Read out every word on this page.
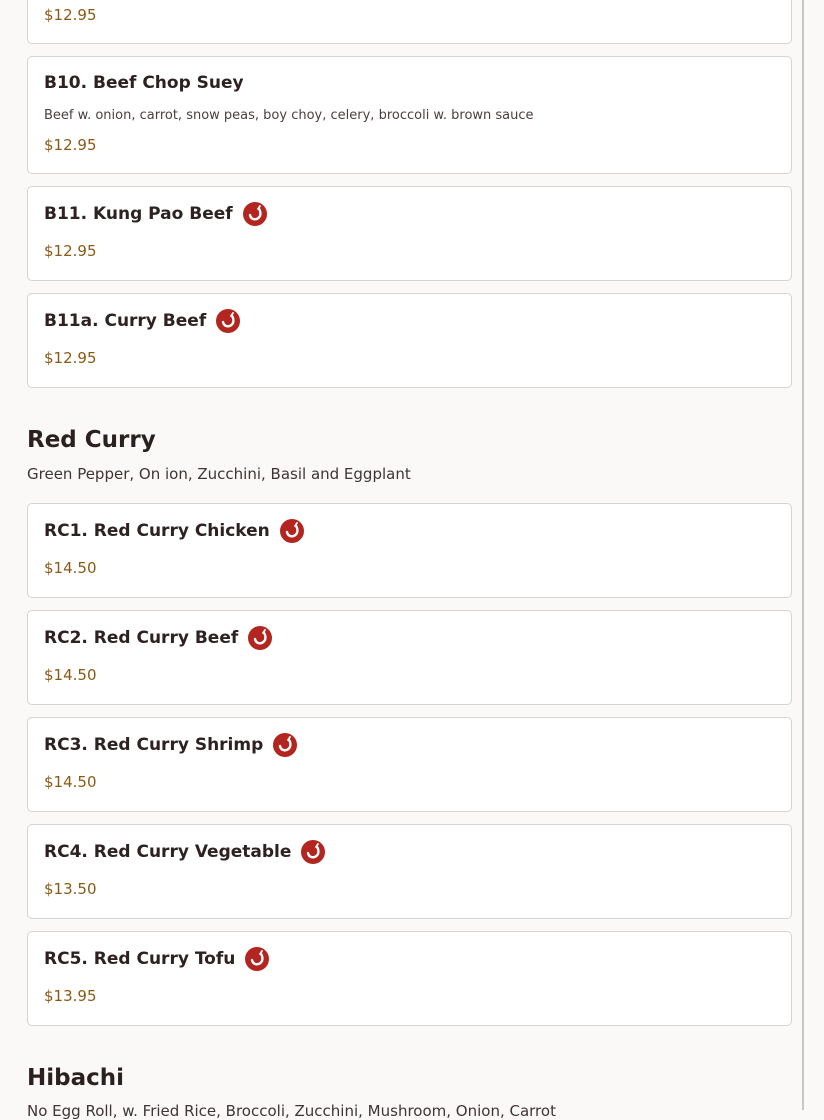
$12.95
B10. Beef Chop Suey
Beef w. onion, carrot, snow peas, boy choy, celery, broccoli w. brown sauce
$12.95
B11. Kung Pao Beef
$12.95
B11a. Curry Beef
$12.95
Red Curry
Green Pepper, On ion, Zucchini, Basil and Eggplant
RC1. Red Curry Chicken
$14.50
RC2. Red Curry Beef
$14.50
RC3. Red Curry Shrimp
$14.50
RC4. Red Curry Vegetable
$13.50
RC5. Red Curry Tofu
$13.95
Hibachi
No Egg Roll, w. Fried Rice, Broccoli, Zucchini, Mushroom, Onion, Carrot
